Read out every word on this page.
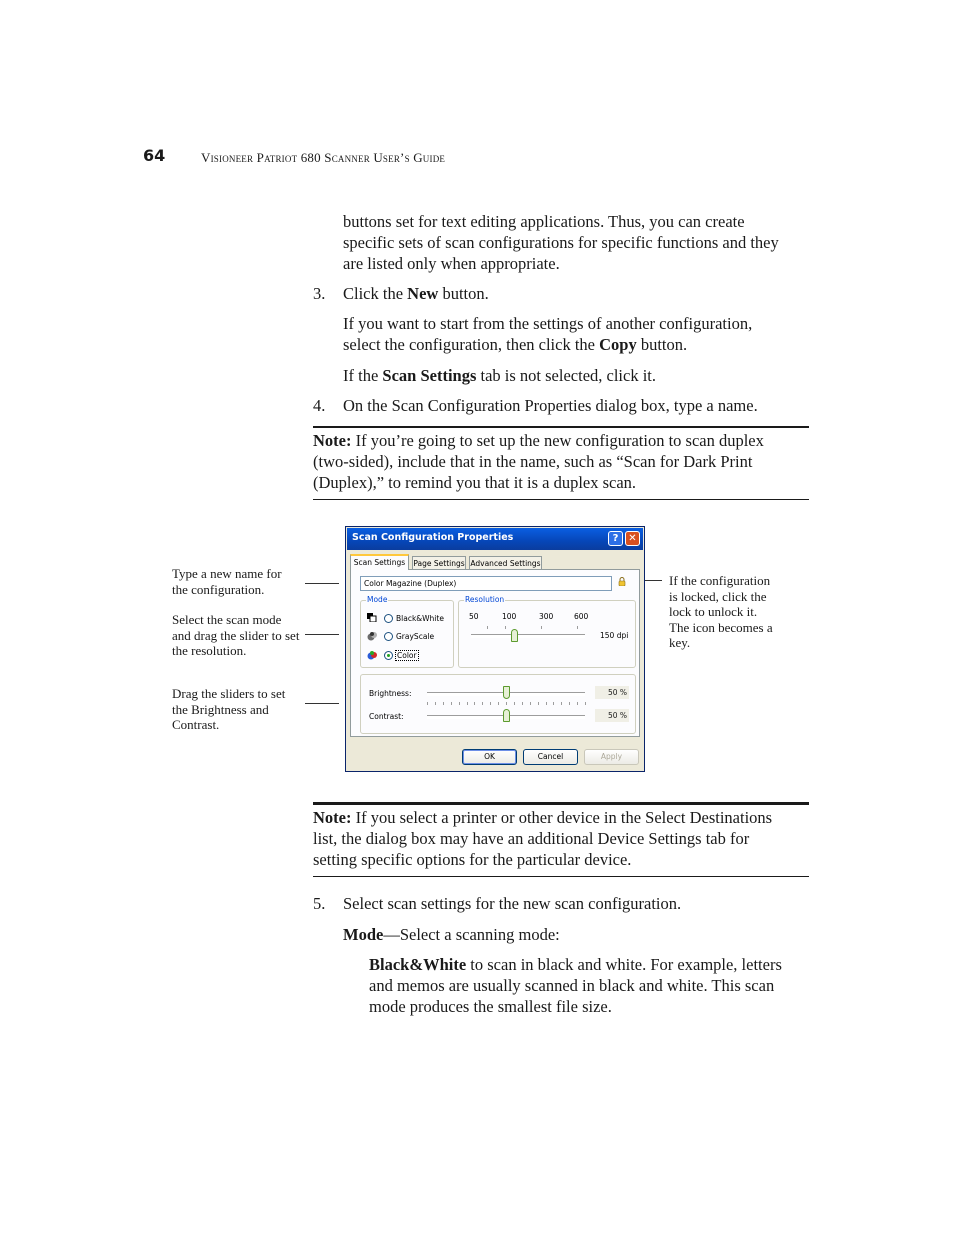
64	Visioneer Patriot 680 Scanner User’s Guide
buttons set for text editing applications. Thus, you can create
specific sets of scan configurations for specific functions and they
are listed only when appropriate.
3. Click the New button.
If you want to start from the settings of another configuration,
select the configuration, then click the Copy button.
If the Scan Settings tab is not selected, click it.
4. On the Scan Configuration Properties dialog box, type a name.
Note: If you’re going to set up the new configuration to scan duplex
(two-sided), include that in the name, such as “Scan for Dark Print
(Duplex),” to remind you that it is a duplex scan.
Type a new name for
the configuration.
Select the scan mode
and drag the slider to set
the resolution.
Drag the sliders to set
the Brightness and
Contrast.
If the configuration
is locked, click the
lock to unlock it.
The icon becomes a
key.
Scan Configuration Properties	? ✕
Scan Settings	Page Settings Advanced Settings
Color Magazine (Duplex)
Mode
Black&White
GrayScale
Color
Resolution
50	100	300	600
150 dpi
Brightness:	50 %
Contrast:	50 %
OK	Cancel	Apply
Note: If you select a printer or other device in the Select Destinations
list, the dialog box may have an additional Device Settings tab for
setting specific options for the particular device.
5. Select scan settings for the new scan configuration.
Mode—Select a scanning mode:
Black&White to scan in black and white. For example, letters
and memos are usually scanned in black and white. This scan
mode produces the smallest file size.
